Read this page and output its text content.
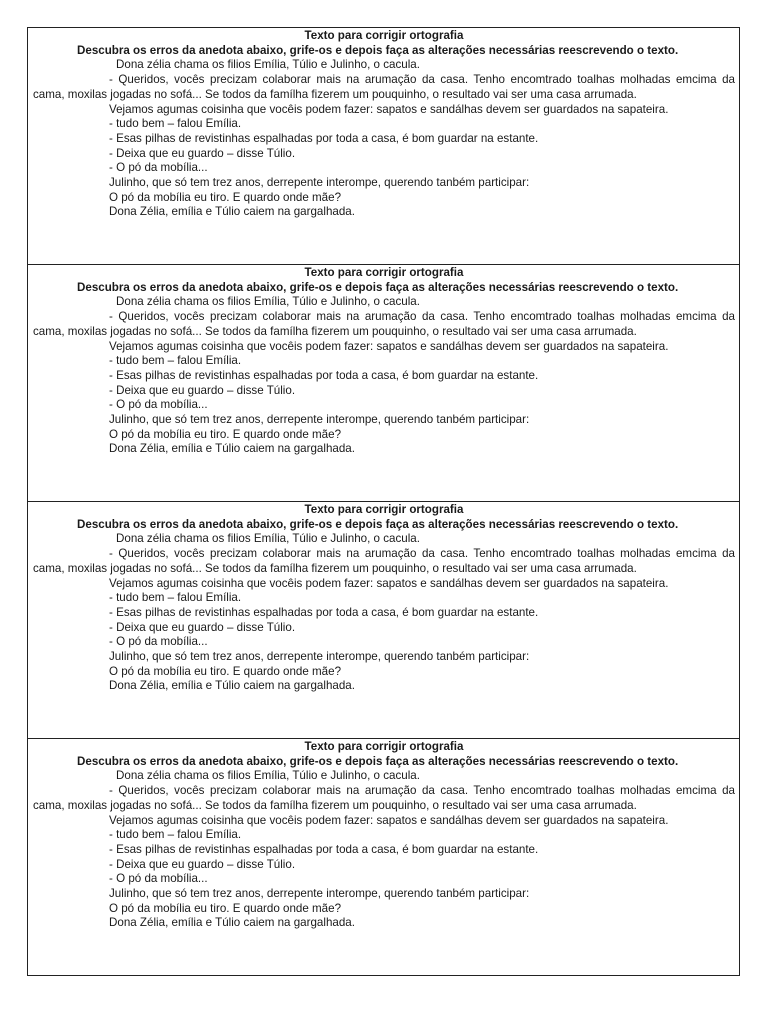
Texto para corrigir ortografia

Descubra os erros da anedota abaixo, grife-os e depois faça as alterações necessárias reescrevendo o texto.

Dona zélia chama os filios Emília, Túlio e Julinho, o cacula.

- Queridos, vocês precizam colaborar mais na arumação da casa. Tenho encomtrado toalhas molhadas emcima da cama, moxilas jogadas no sofá... Se todos da famílha fizerem um pouquinho, o resultado vai ser uma casa arrumada.

Vejamos agumas coisinha que vocêis podem fazer: sapatos e sandálhas devem ser guardados na sapateira.

- tudo bem – falou Emília.

- Esas pilhas de revistinhas espalhadas por toda a casa, é bom guardar na estante.

- Deixa que eu guardo – disse Túlio.

- O pó da mobília...

Julinho, que só tem trez anos, derrepente interompe, querendo tanbém participar:

O pó da mobília eu tiro. E quardo onde mãe?

Dona Zélia, emília e Túlio caiem na gargalhada.

Texto para corrigir ortografia

Descubra os erros da anedota abaixo, grife-os e depois faça as alterações necessárias reescrevendo o texto.

Dona zélia chama os filios Emília, Túlio e Julinho, o cacula.

- Queridos, vocês precizam colaborar mais na arumação da casa. Tenho encomtrado toalhas molhadas emcima da cama, moxilas jogadas no sofá... Se todos da famílha fizerem um pouquinho, o resultado vai ser uma casa arrumada.

Vejamos agumas coisinha que vocêis podem fazer: sapatos e sandálhas devem ser guardados na sapateira.

- tudo bem – falou Emília.

- Esas pilhas de revistinhas espalhadas por toda a casa, é bom guardar na estante.

- Deixa que eu guardo – disse Túlio.

- O pó da mobília...

Julinho, que só tem trez anos, derrepente interompe, querendo tanbém participar:

O pó da mobília eu tiro. E quardo onde mãe?

Dona Zélia, emília e Túlio caiem na gargalhada.

Texto para corrigir ortografia

Descubra os erros da anedota abaixo, grife-os e depois faça as alterações necessárias reescrevendo o texto.

Dona zélia chama os filios Emília, Túlio e Julinho, o cacula.

- Queridos, vocês precizam colaborar mais na arumação da casa. Tenho encomtrado toalhas molhadas emcima da cama, moxilas jogadas no sofá... Se todos da famílha fizerem um pouquinho, o resultado vai ser uma casa arrumada.

Vejamos agumas coisinha que vocêis podem fazer: sapatos e sandálhas devem ser guardados na sapateira.

- tudo bem – falou Emília.

- Esas pilhas de revistinhas espalhadas por toda a casa, é bom guardar na estante.

- Deixa que eu guardo – disse Túlio.

- O pó da mobília...

Julinho, que só tem trez anos, derrepente interompe, querendo tanbém participar:

O pó da mobília eu tiro. E quardo onde mãe?

Dona Zélia, emília e Túlio caiem na gargalhada.

Texto para corrigir ortografia

Descubra os erros da anedota abaixo, grife-os e depois faça as alterações necessárias reescrevendo o texto.

Dona zélia chama os filios Emília, Túlio e Julinho, o cacula.

- Queridos, vocês precizam colaborar mais na arumação da casa. Tenho encomtrado toalhas molhadas emcima da cama, moxilas jogadas no sofá... Se todos da famílha fizerem um pouquinho, o resultado vai ser uma casa arrumada.

Vejamos agumas coisinha que vocêis podem fazer: sapatos e sandálhas devem ser guardados na sapateira.

- tudo bem – falou Emília.

- Esas pilhas de revistinhas espalhadas por toda a casa, é bom guardar na estante.

- Deixa que eu guardo – disse Túlio.

- O pó da mobília...

Julinho, que só tem trez anos, derrepente interompe, querendo tanbém participar:

O pó da mobília eu tiro. E quardo onde mãe?

Dona Zélia, emília e Túlio caiem na gargalhada.
